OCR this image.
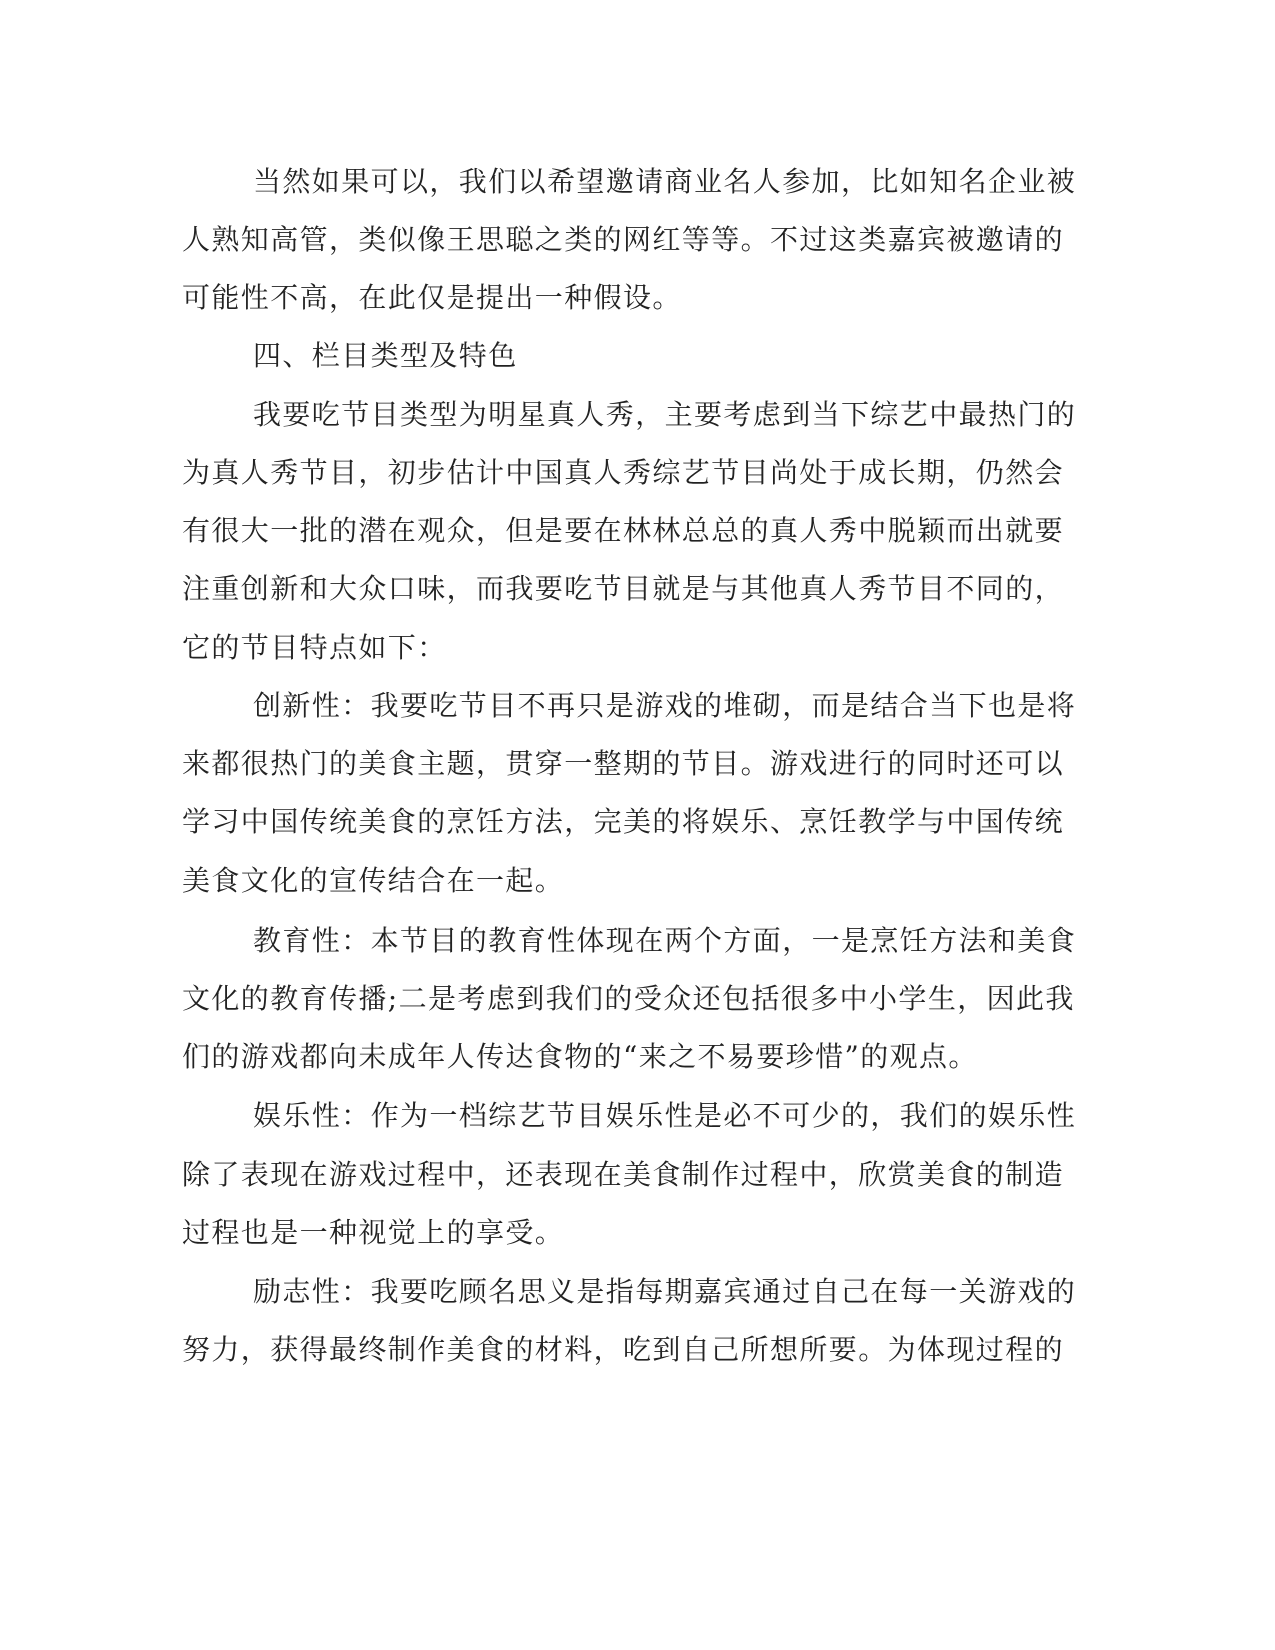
当然如果可以，我们以希望邀请商业名人参加，比如知名企业被
人熟知高管，类似像王思聪之类的网红等等。不过这类嘉宾被邀请的
可能性不高，在此仅是提出一种假设。
四、栏目类型及特色
我要吃节目类型为明星真人秀，主要考虑到当下综艺中最热门的
为真人秀节目，初步估计中国真人秀综艺节目尚处于成长期，仍然会
有很大一批的潜在观众，但是要在林林总总的真人秀中脱颖而出就要
注重创新和大众口味，而我要吃节目就是与其他真人秀节目不同的，
它的节目特点如下：
创新性：我要吃节目不再只是游戏的堆砌，而是结合当下也是将
来都很热门的美食主题，贯穿一整期的节目。游戏进行的同时还可以
学习中国传统美食的烹饪方法，完美的将娱乐、烹饪教学与中国传统
美食文化的宣传结合在一起。
教育性：本节目的教育性体现在两个方面，一是烹饪方法和美食
文化的教育传播;二是考虑到我们的受众还包括很多中小学生，因此我
们的游戏都向未成年人传达食物的“来之不易要珍惜”的观点。
娱乐性：作为一档综艺节目娱乐性是必不可少的，我们的娱乐性
除了表现在游戏过程中，还表现在美食制作过程中，欣赏美食的制造
过程也是一种视觉上的享受。
励志性：我要吃顾名思义是指每期嘉宾通过自己在每一关游戏的
努力，获得最终制作美食的材料，吃到自己所想所要。为体现过程的
